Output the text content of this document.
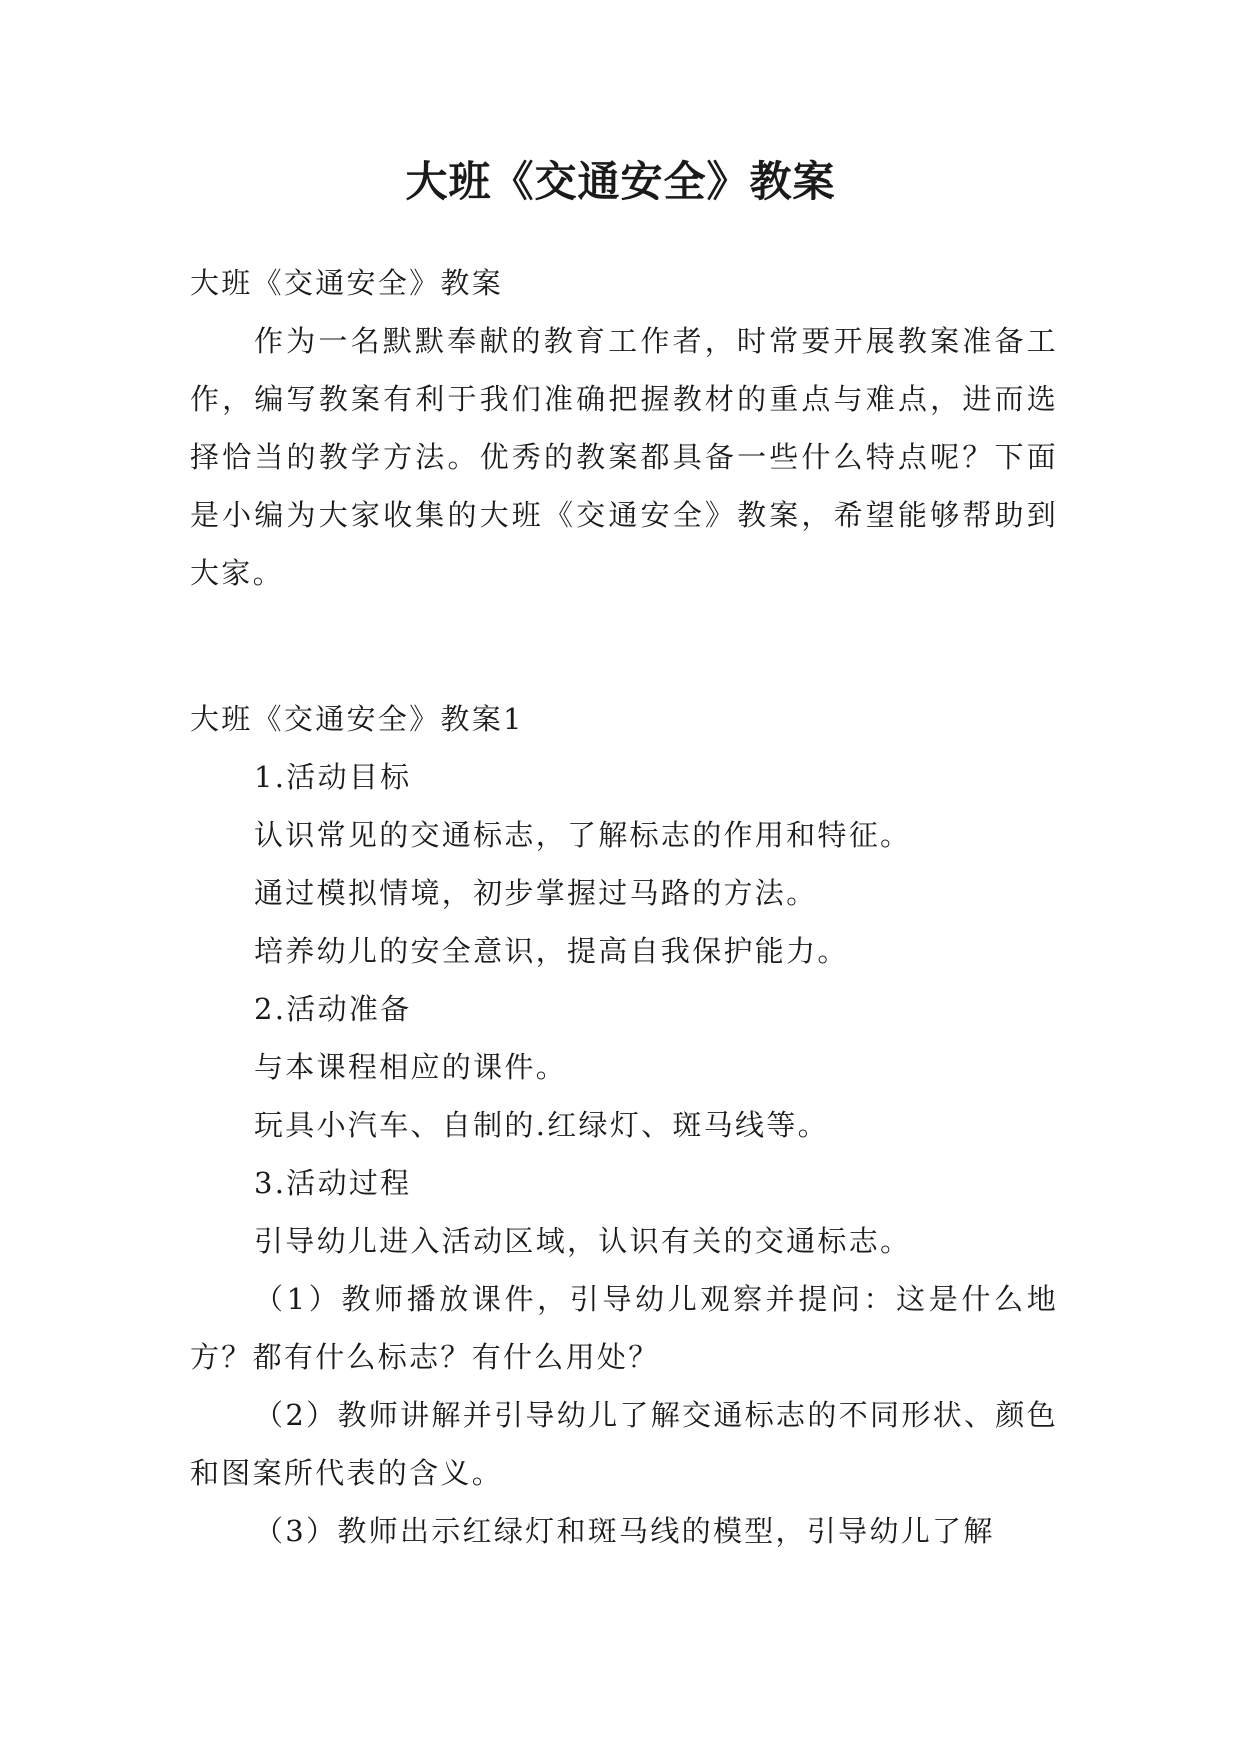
大班《交通安全》教案

大班《交通安全》教案

作为一名默默奉献的教育工作者，时常要开展教案准备工作，编写教案有利于我们准确把握教材的重点与难点，进而选择恰当的教学方法。优秀的教案都具备一些什么特点呢？下面是小编为大家收集的大班《交通安全》教案，希望能够帮助到大家。

大班《交通安全》教案1

1.活动目标

认识常见的交通标志，了解标志的作用和特征。

通过模拟情境，初步掌握过马路的方法。

培养幼儿的安全意识，提高自我保护能力。

2.活动准备

与本课程相应的课件。

玩具小汽车、自制的.红绿灯、斑马线等。

3.活动过程

引导幼儿进入活动区域，认识有关的交通标志。

（1）教师播放课件，引导幼儿观察并提问：这是什么地方？都有什么标志？有什么用处？

（2）教师讲解并引导幼儿了解交通标志的不同形状、颜色和图案所代表的含义。

（3）教师出示红绿灯和斑马线的模型，引导幼儿了解
